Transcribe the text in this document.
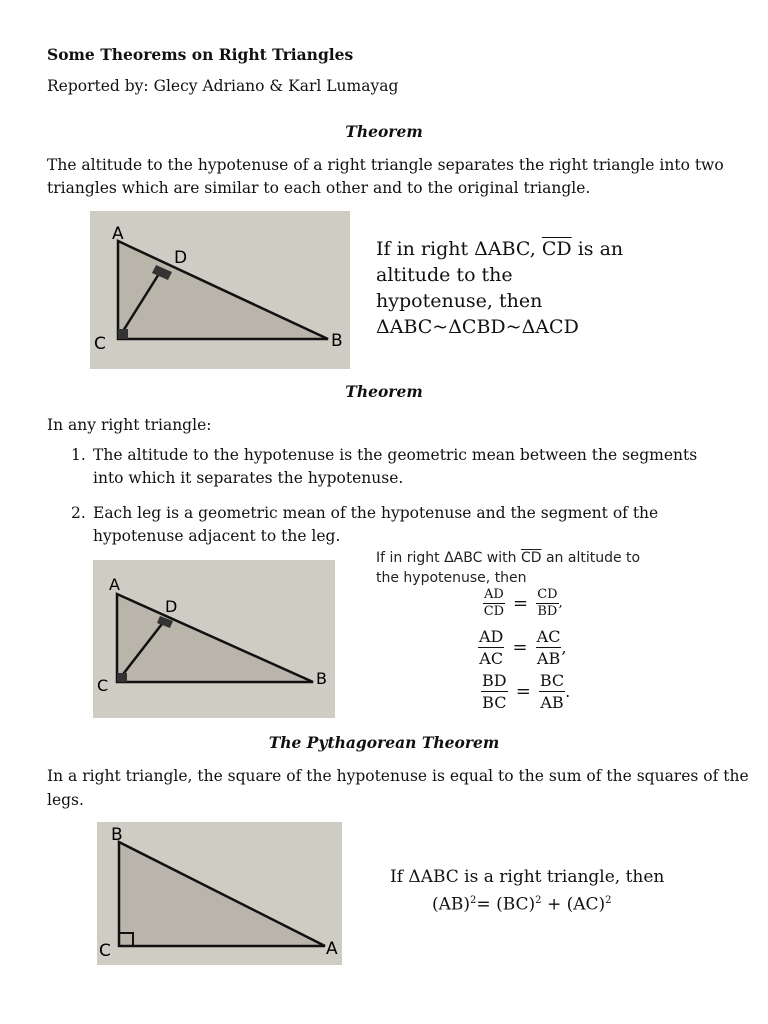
Some Theorems on Right Triangles
Reported by: Glecy Adriano & Karl Lumayag
Theorem
The altitude to the hypotenuse of a right triangle separates the right triangle into two
triangles which are similar to each other and to the original triangle.
A
D
C	B
If in right ΔABC, $\overline{CD}$ is an
altitude to the
hypotenuse, then
ΔABC~ΔCBD~ΔACD
Theorem
In any right triangle:
1. The altitude to the hypotenuse is the geometric mean between the segments into which it separates the hypotenuse.
2. Each leg is a geometric mean of the hypotenuse and the segment of the hypotenuse adjacent to the leg.
A
D
C	B
If in right ΔABC with $\overline{CD}$ an altitude to
the hypotenuse, then
$\frac{AD}{CD} = \frac{CD}{BD}$ ,
$\frac{AD}{AC} = \frac{AC}{AB}$ ,
$\frac{BD}{BC} = \frac{BC}{AB}$ .
The Pythagorean Theorem
In a right triangle, the square of the hypotenuse is equal to the sum of the squares of the
legs.
B
C	A
If ΔABC is a right triangle, then
(AB)$^2$= (BC)$^2$ + (AC)$^2$
